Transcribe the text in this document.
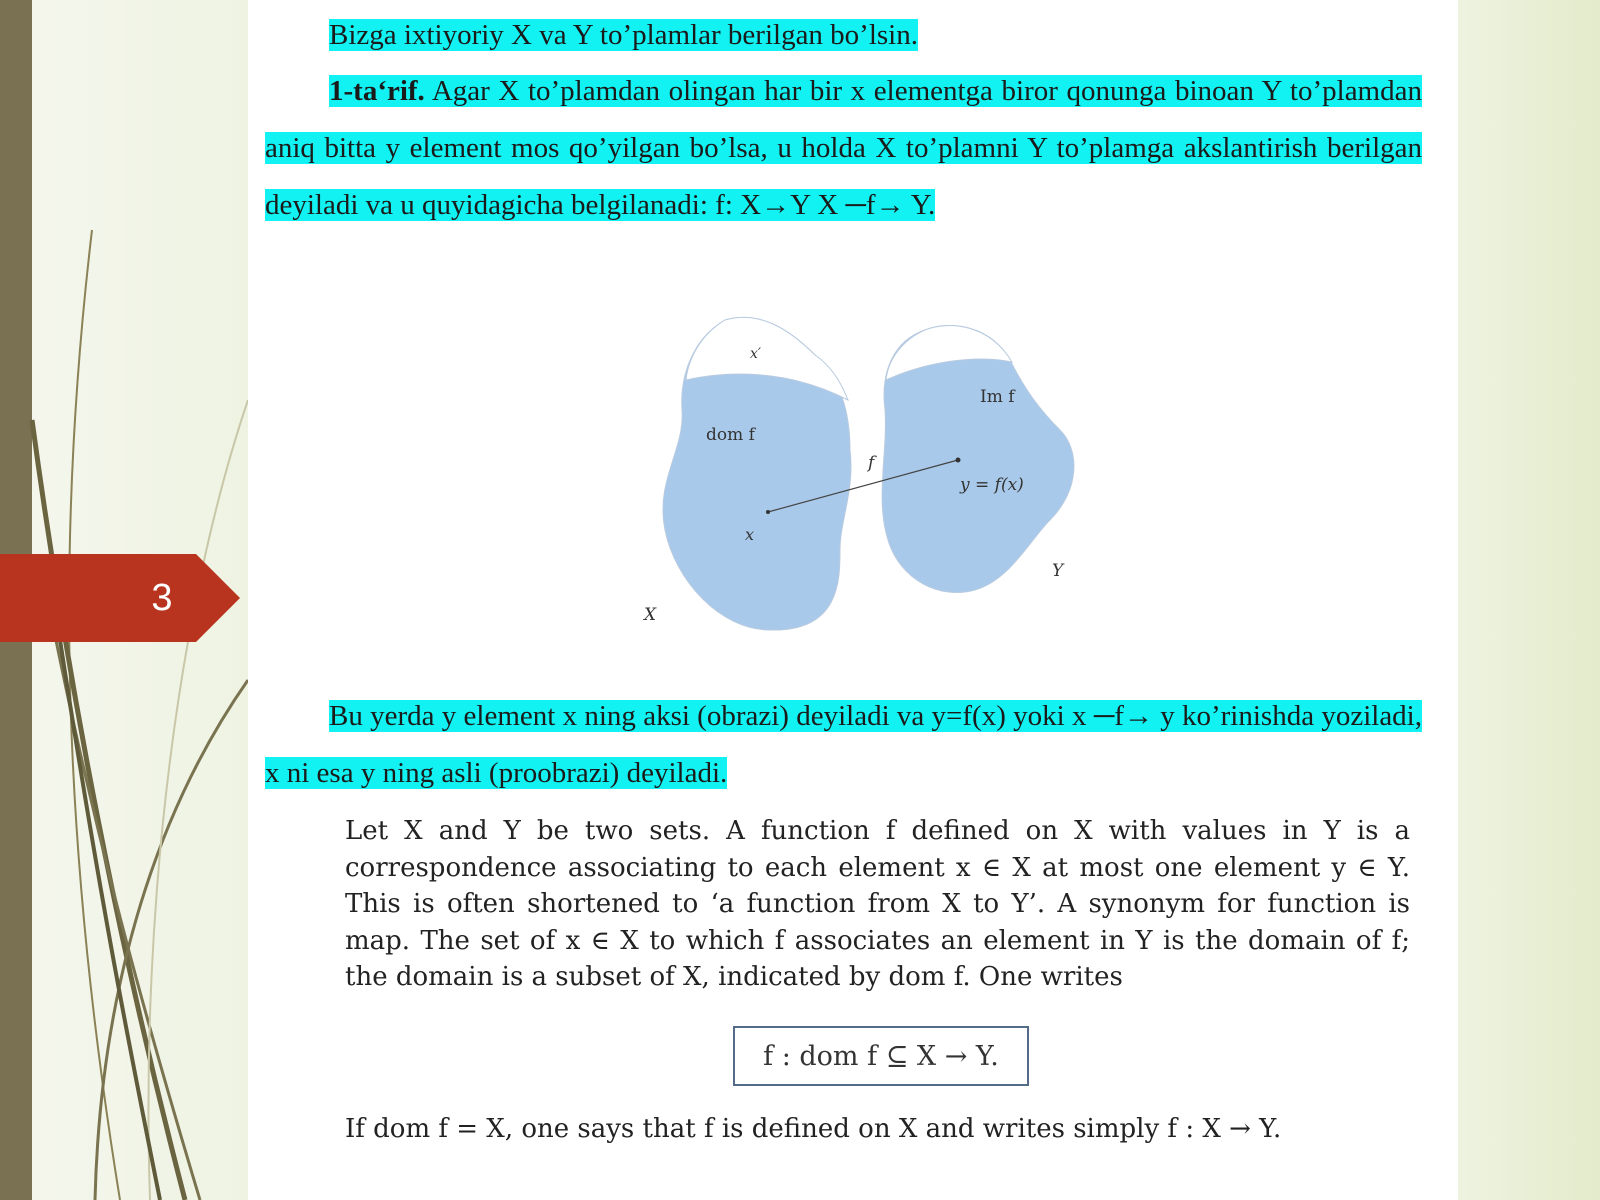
3
Bizga ixtiyoriy X va Y to’plamlar berilgan bo’lsin.
1-ta‘rif. Agar X to’plamdan olingan har bir x elementga biror qonunga binoan Y to’plamdan aniq bitta y element mos qo’yilgan bo’lsa, u holda X to’plamni Y to’plamga akslantirish berilgan deyiladi va u quyidagicha belgilanadi: f: X→Y X ─f→ Y.
x′
dom f
f
x
X
Im f
y = f(x)
Y
Bu yerda y element x ning aksi (obrazi) deyiladi va y=f(x) yoki x ─f→ y ko’rinishda yoziladi, x ni esa y ning asli (proobrazi) deyiladi.
Let X and Y be two sets. A function f defined on X with values in Y is a correspondence associating to each element x ∈ X at most one element y ∈ Y. This is often shortened to ‘a function from X to Y’. A synonym for function is map. The set of x ∈ X to which f associates an element in Y is the domain of f; the domain is a subset of X, indicated by dom f. One writes
f : dom f ⊆ X → Y.
If dom f = X, one says that f is defined on X and writes simply f : X → Y.
